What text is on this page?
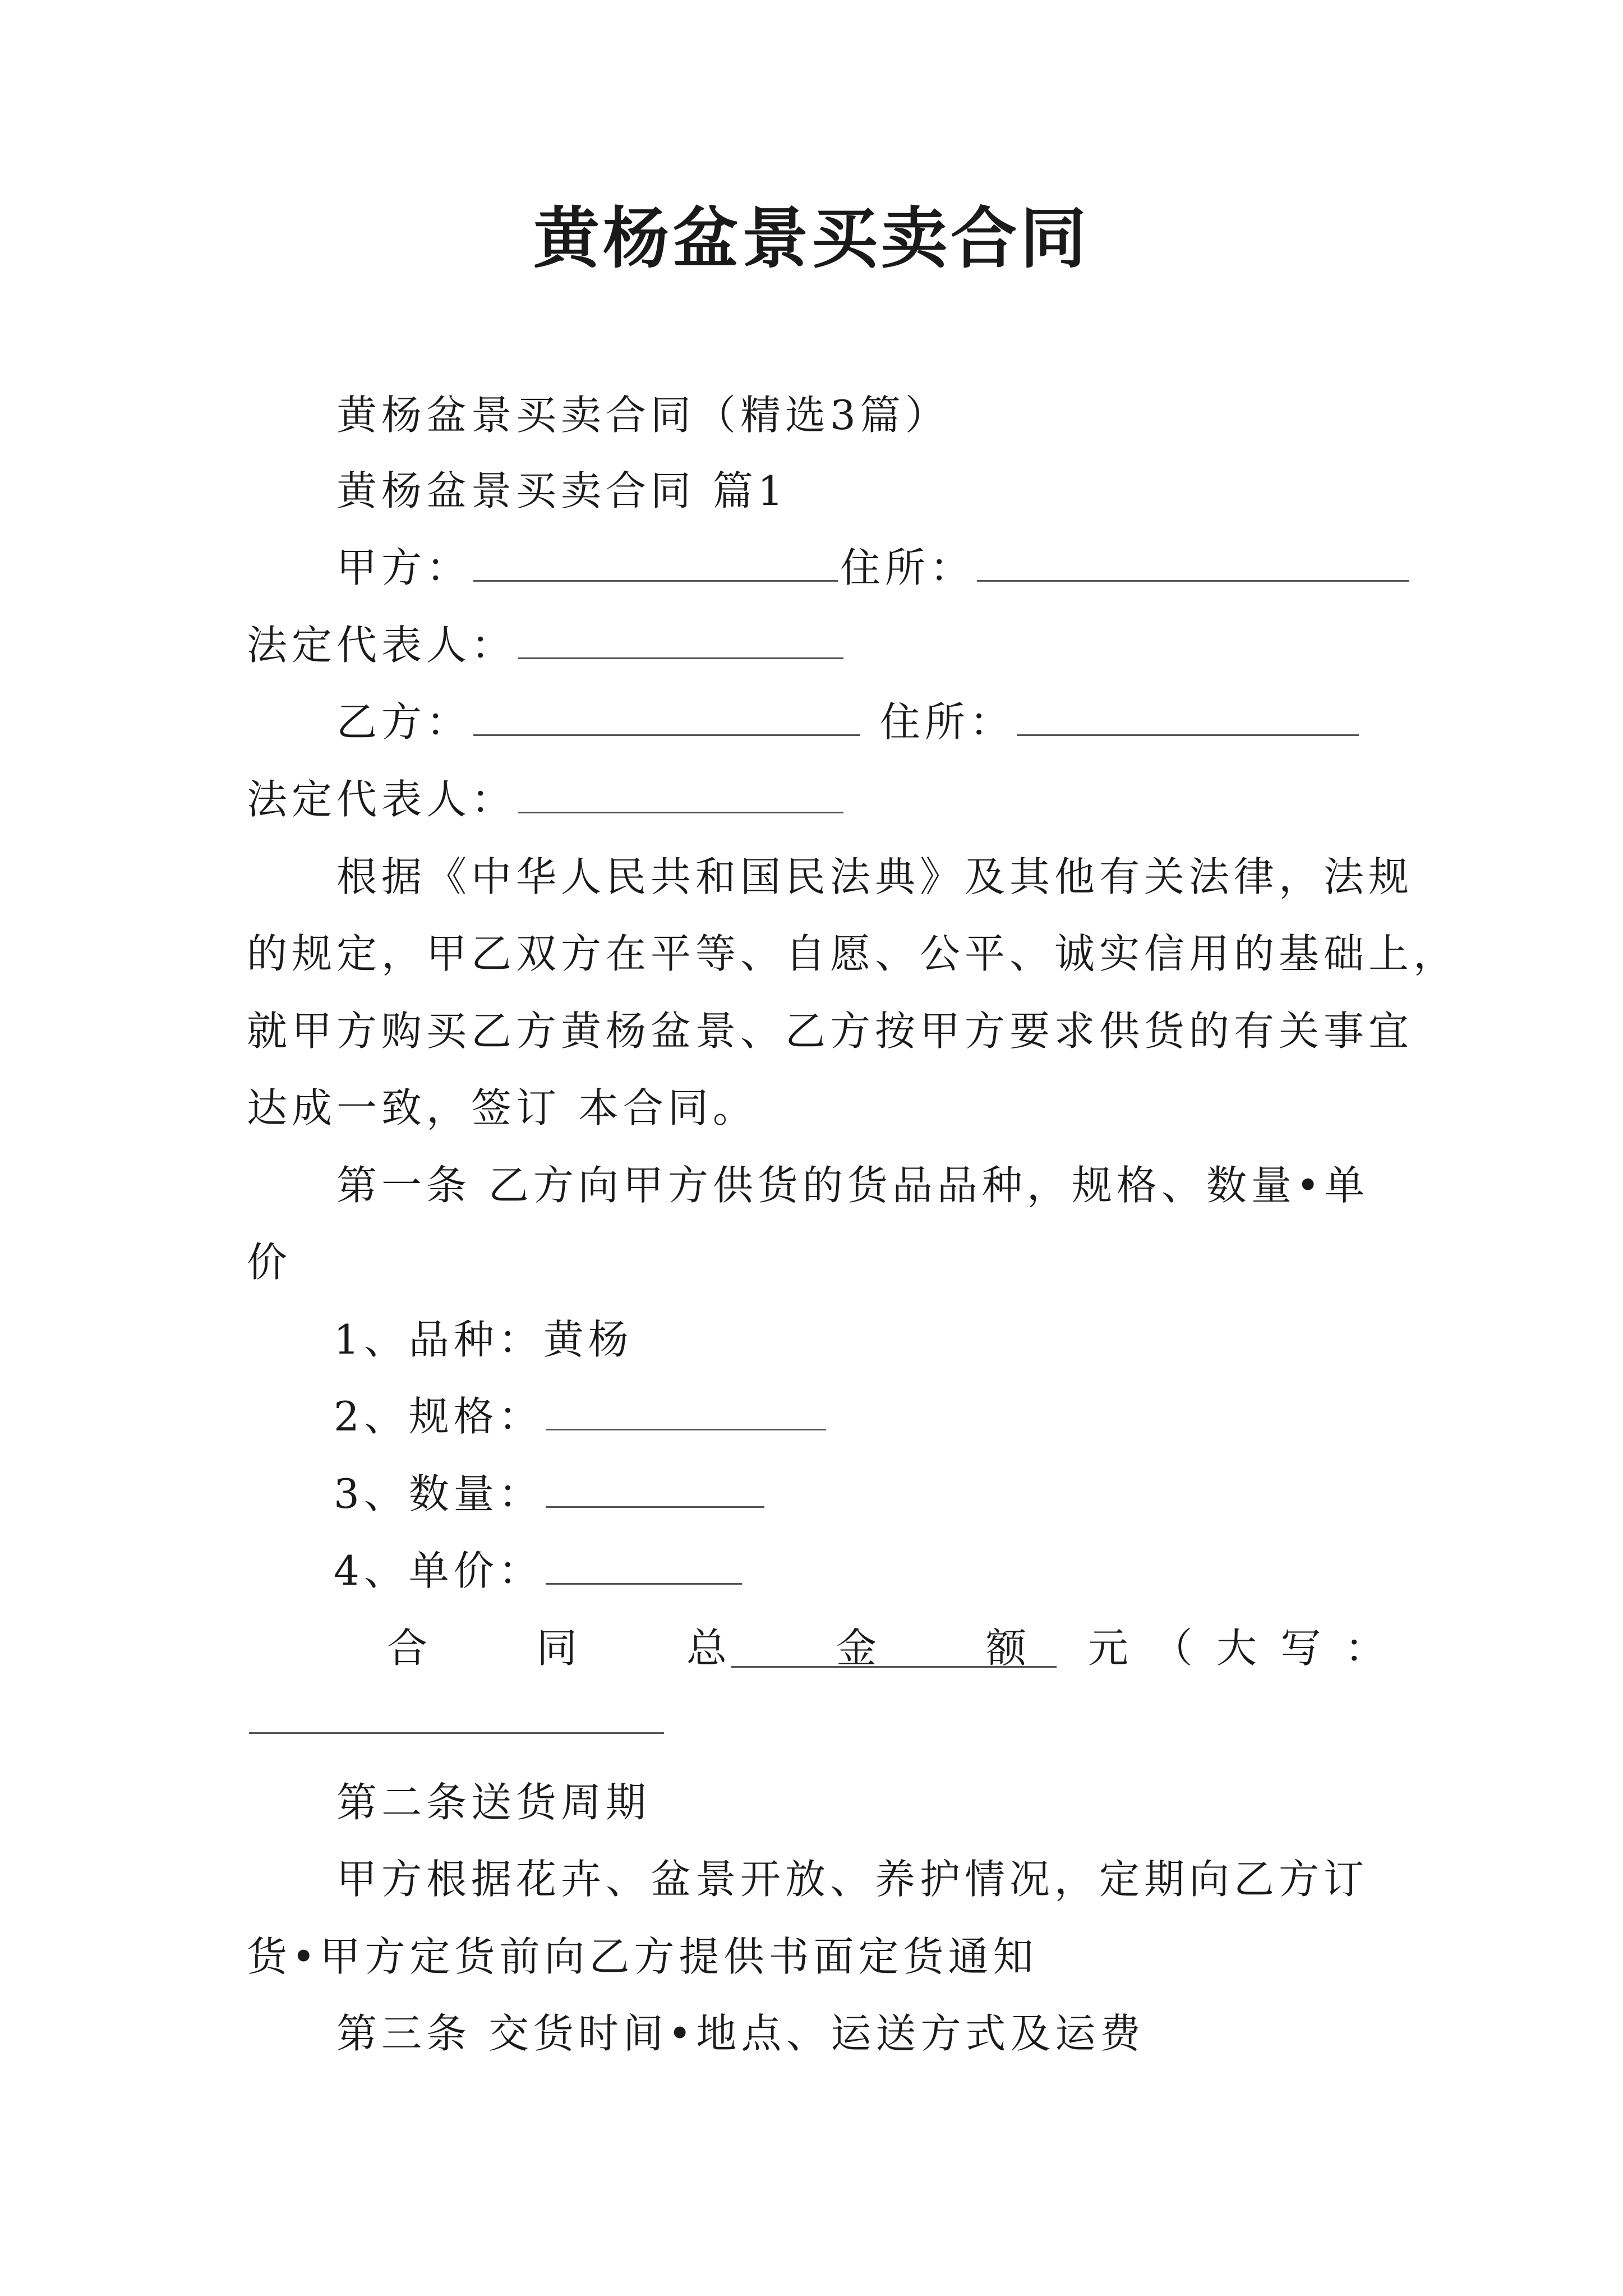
黄杨盆景买卖合同
黄杨盆景买卖合同（精选3篇）
黄杨盆景买卖合同 篇1
甲方：	住所：
法定代表人：
乙方：	住所：
法定代表人：
根据《中华人民共和国民法典》及其他有关法律，法规
的规定，甲乙双方在平等、自愿、公平、诚实信用的基础上，
就甲方购买乙方黄杨盆景、乙方按甲方要求供货的有关事宜
达成一致，签订 本合同。
第一条 乙方向甲方供货的货品品种，规格、数量•单
价
1、品种：黄杨
2、规格：
3、数量：
4、单价：
合	同	总	金	额 元 （ 大 写 ：
第二条送货周期
甲方根据花卉、盆景开放、养护情况，定期向乙方订
货•甲方定货前向乙方提供书面定货通知
第三条 交货时间•地点、运送方式及运费
